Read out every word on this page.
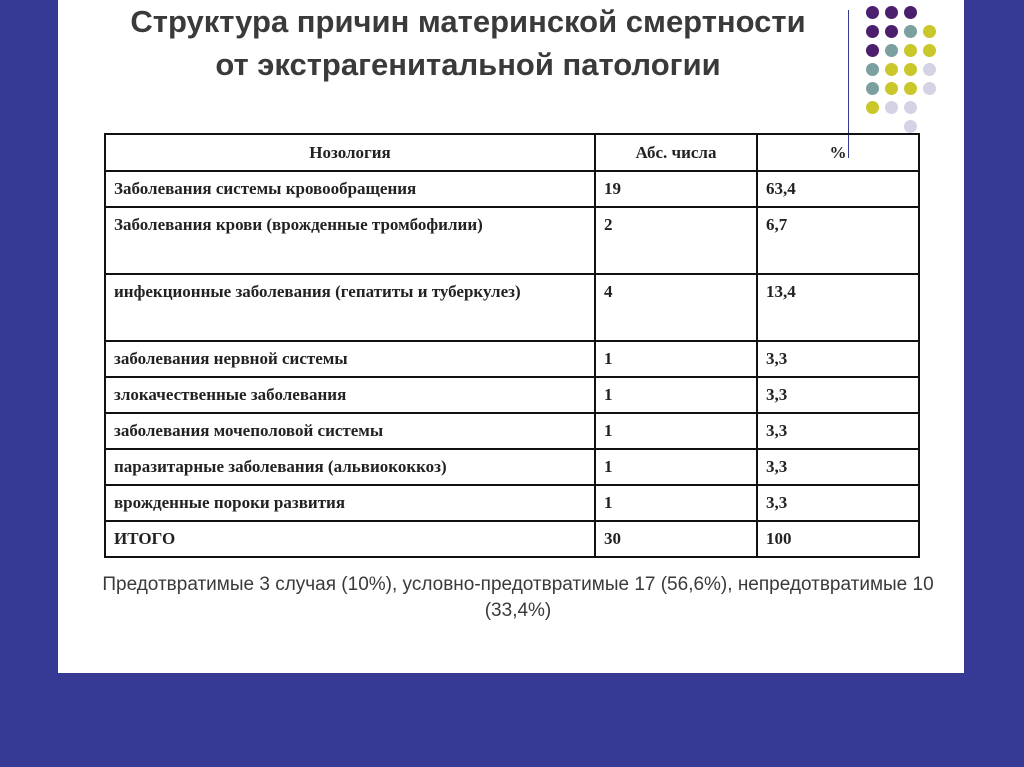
Структура причин материнской смертности от экстрагенитальной патологии
Нозология	Абс. числа	%
Заболевания системы кровообращения	19	63,4
Заболевания крови (врожденные тромбофилии)	2	6,7
инфекционные заболевания (гепатиты и туберкулез)	4	13,4
заболевания нервной системы	1	3,3
злокачественные заболевания	1	3,3
заболевания мочеполовой системы	1	3,3
паразитарные заболевания (альвиококкоз)	1	3,3
врожденные пороки развития	1	3,3
ИТОГО	30	100

Предотвратимые 3 случая (10%), условно-предотвратимые 17 (56,6%), непредотвратимые 10 (33,4%)
